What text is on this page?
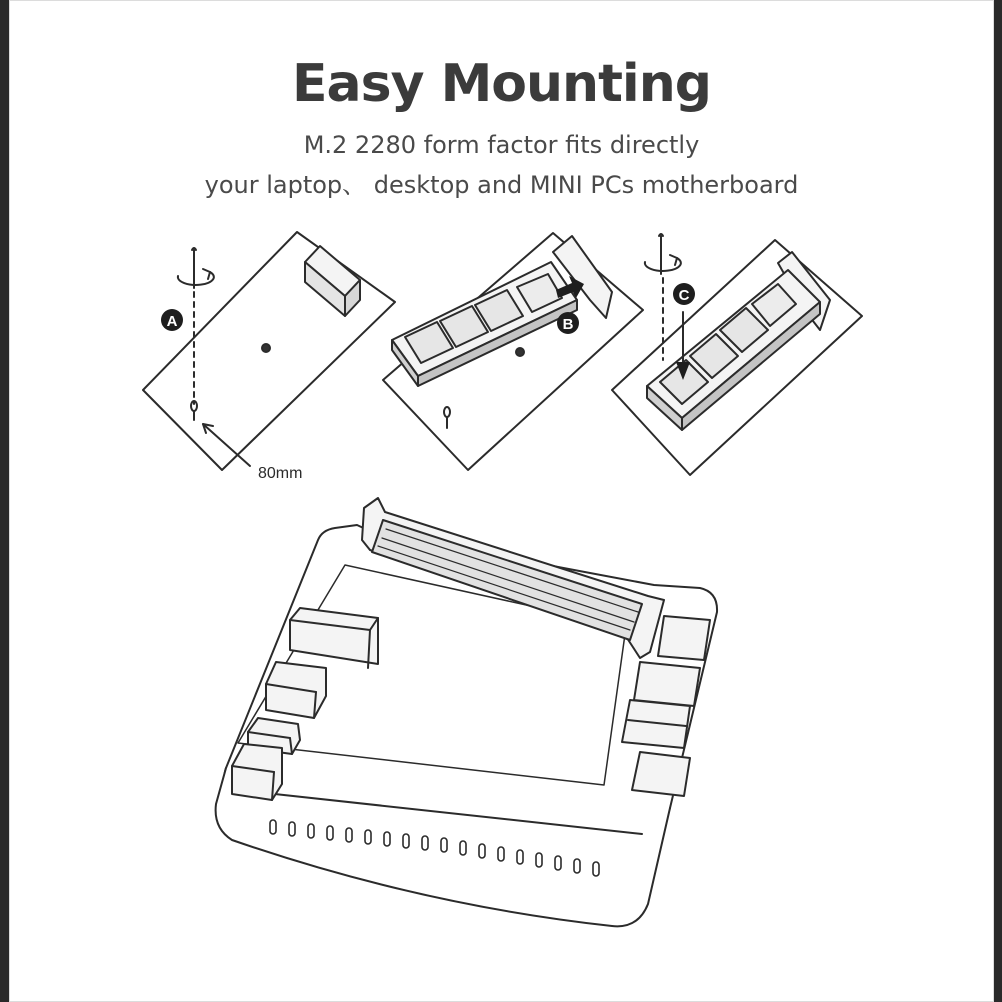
Easy Mounting
M.2 2280 form factor fits directly
your laptop、 desktop and MINI PCs motherboard
A
80mm
B
C
